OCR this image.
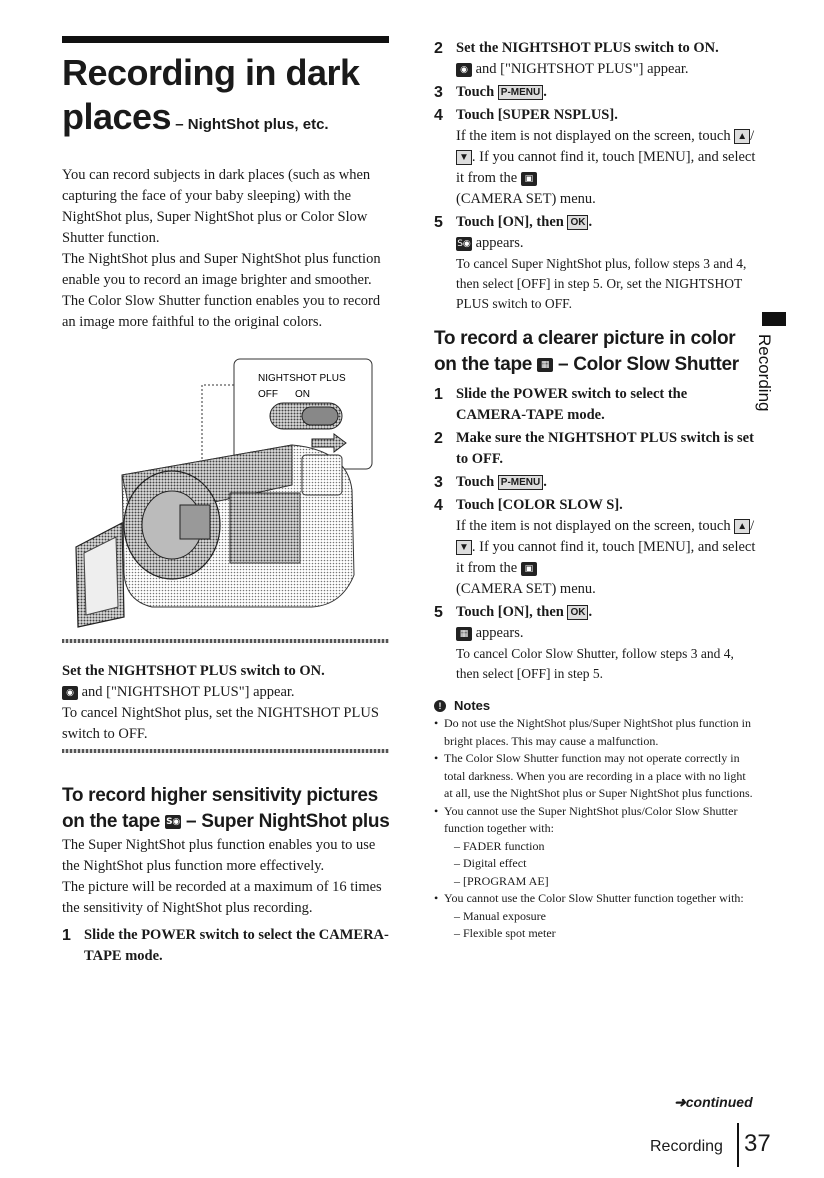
Recording in dark
places – NightShot plus, etc.

You can record subjects in dark places (such as when capturing the face of your baby sleeping) with the NightShot plus, Super NightShot plus or Color Slow Shutter function.

The NightShot plus and Super NightShot plus function enable you to record an image brighter and smoother.

The Color Slow Shutter function enables you to record an image more faithful to the original colors.

NIGHTSHOT PLUS
OFF ON

Set the NIGHTSHOT PLUS switch to ON.

◉ and ["NIGHTSHOT PLUS"] appear.

To cancel NightShot plus, set the NIGHTSHOT PLUS switch to OFF.

To record higher sensitivity pictures on the tape S◉ – Super NightShot plus

The Super NightShot plus function enables you to use the NightShot plus function more effectively.

The picture will be recorded at a maximum of 16 times the sensitivity of NightShot plus recording.

1 Slide the POWER switch to select the CAMERA-TAPE mode.
2 Set the NIGHTSHOT PLUS switch to ON.

◉ and ["NIGHTSHOT PLUS"] appear.

3 Touch P-MENU .
4 Touch [SUPER NSPLUS].

If the item is not displayed on the screen, touch ▲ /▼ . If you cannot find it, touch [MENU], and select it from the ▣
(CAMERA SET) menu.

5 Touch [ON], then OK .

S◉ appears.

To cancel Super NightShot plus, follow steps 3 and 4, then select [OFF] in step 5. Or, set the NIGHTSHOT PLUS switch to OFF.

To record a clearer picture in color on the tape ▦ – Color Slow Shutter
1 Slide the POWER switch to select the CAMERA-TAPE mode.
2 Make sure the NIGHTSHOT PLUS switch is set to OFF.
3 Touch P-MENU .
4 Touch [COLOR SLOW S].

If the item is not displayed on the screen, touch ▲ /▼ . If you cannot find it, touch [MENU], and select it from the ▣
(CAMERA SET) menu.

5 Touch [ON], then OK .

▦ appears.

To cancel Color Slow Shutter, follow steps 3 and 4, then select [OFF] in step 5.

! Notes
• Do not use the NightShot plus/Super NightShot plus function in bright places. This may cause a malfunction.
• The Color Slow Shutter function may not operate correctly in total darkness. When you are recording in a place with no light at all, use the NightShot plus or Super NightShot plus functions.
• You cannot use the Super NightShot plus/Color Slow Shutter function together with:
– FADER function
– Digital effect
– [PROGRAM AE]
• You cannot use the Color Slow Shutter function together with:
– Manual exposure
– Flexible spot meter
Recording
➜continued
Recording 37
